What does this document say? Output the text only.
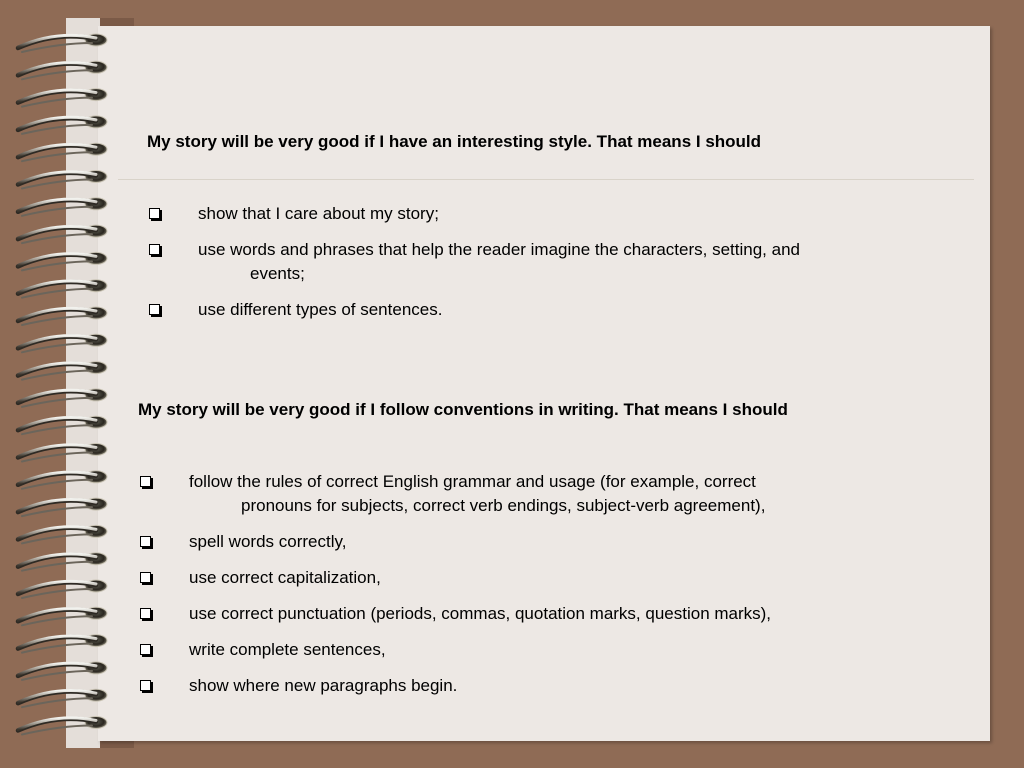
My story will be very good if I have an interesting style. That means I should
show that I care about my story;
use words and phrases that help the reader imagine the characters, setting, and
events;
use different types of sentences.
My story will be very good if I follow conventions in writing. That means I should
follow the rules of correct English grammar and usage (for example, correct
pronouns for subjects, correct verb endings, subject-verb agreement),
spell words correctly,
use correct capitalization,
use correct punctuation (periods, commas, quotation marks, question marks),
write complete sentences,
show where new paragraphs begin.
